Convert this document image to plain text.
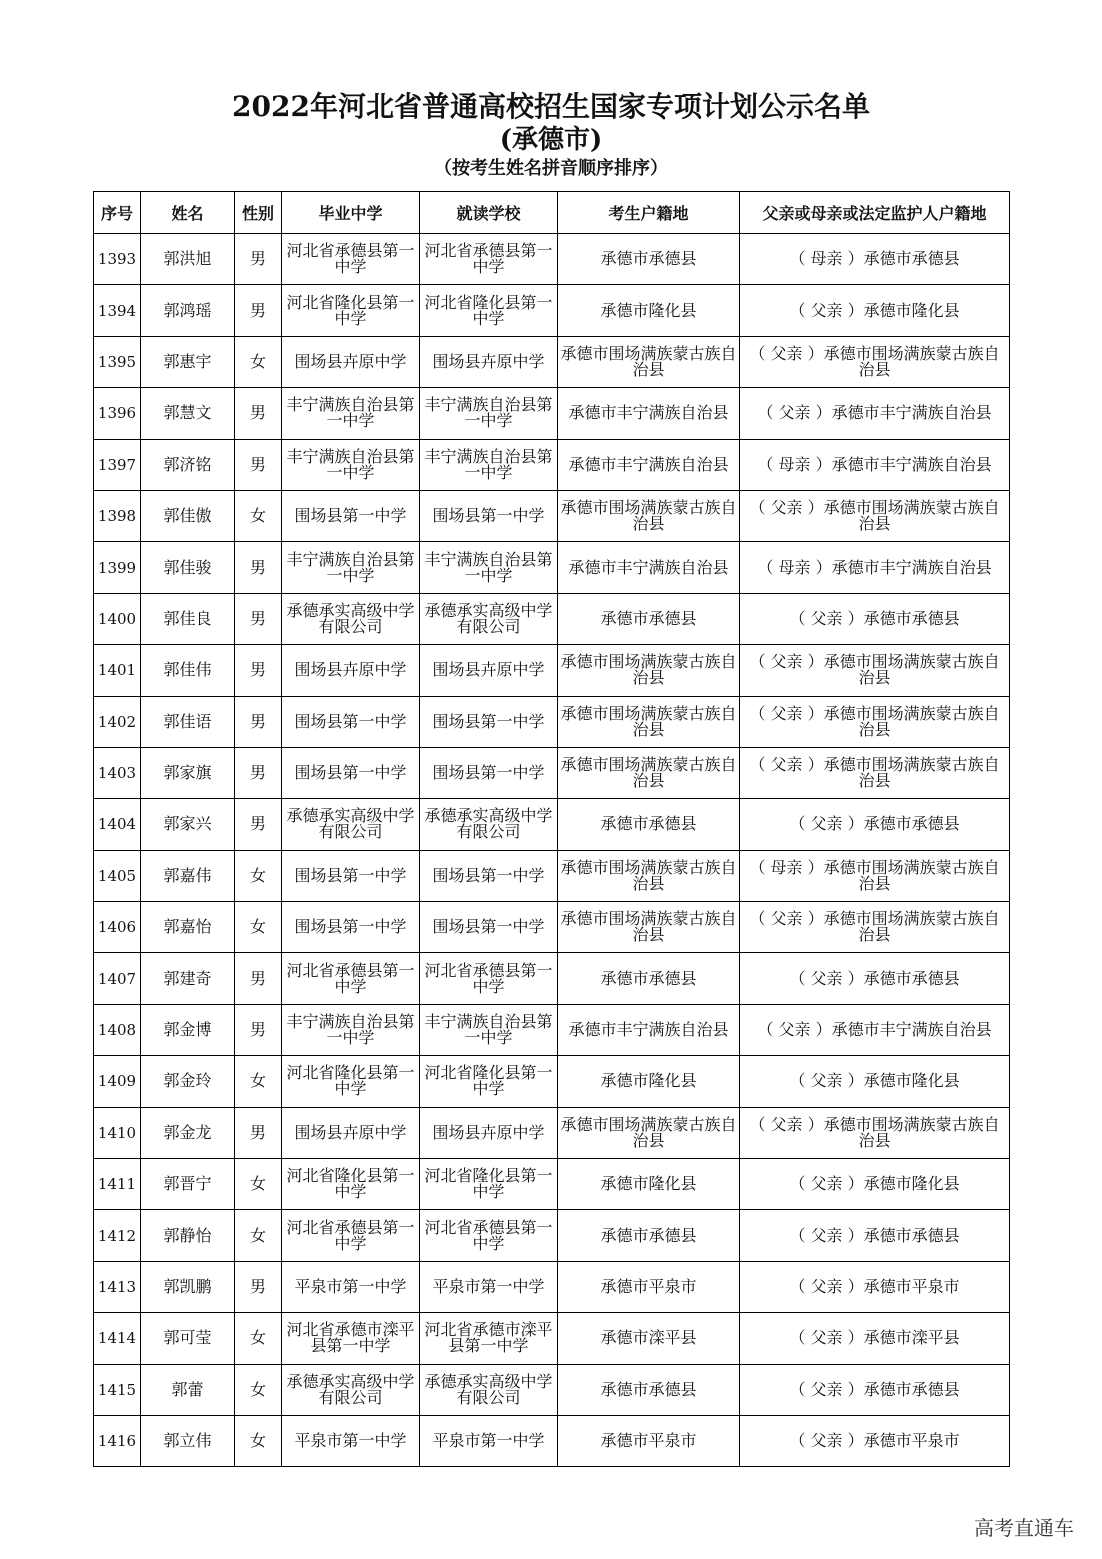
2022年河北省普通高校招生国家专项计划公示名单
(承德市)
（按考生姓名拼音顺序排序）
序号	姓名	性别	毕业中学	就读学校	考生户籍地	父亲或母亲或法定监护人户籍地
1393	郭洪旭	男	河北省承德县第一中学	河北省承德县第一中学	承德市承德县	（ 母亲 ）承德市承德县
1394	郭鸿瑶	男	河北省隆化县第一中学	河北省隆化县第一中学	承德市隆化县	（ 父亲 ）承德市隆化县
1395	郭惠宇	女	围场县卉原中学	围场县卉原中学	承德市围场满族蒙古族自治县	（ 父亲 ）承德市围场满族蒙古族自治县
1396	郭慧文	男	丰宁满族自治县第一中学	丰宁满族自治县第一中学	承德市丰宁满族自治县	（ 父亲 ）承德市丰宁满族自治县
1397	郭济铭	男	丰宁满族自治县第一中学	丰宁满族自治县第一中学	承德市丰宁满族自治县	（ 母亲 ）承德市丰宁满族自治县
1398	郭佳傲	女	围场县第一中学	围场县第一中学	承德市围场满族蒙古族自治县	（ 父亲 ）承德市围场满族蒙古族自治县
1399	郭佳骏	男	丰宁满族自治县第一中学	丰宁满族自治县第一中学	承德市丰宁满族自治县	（ 母亲 ）承德市丰宁满族自治县
1400	郭佳良	男	承德承实高级中学有限公司	承德承实高级中学有限公司	承德市承德县	（ 父亲 ）承德市承德县
1401	郭佳伟	男	围场县卉原中学	围场县卉原中学	承德市围场满族蒙古族自治县	（ 父亲 ）承德市围场满族蒙古族自治县
1402	郭佳语	男	围场县第一中学	围场县第一中学	承德市围场满族蒙古族自治县	（ 父亲 ）承德市围场满族蒙古族自治县
1403	郭家旗	男	围场县第一中学	围场县第一中学	承德市围场满族蒙古族自治县	（ 父亲 ）承德市围场满族蒙古族自治县
1404	郭家兴	男	承德承实高级中学有限公司	承德承实高级中学有限公司	承德市承德县	（ 父亲 ）承德市承德县
1405	郭嘉伟	女	围场县第一中学	围场县第一中学	承德市围场满族蒙古族自治县	（ 母亲 ）承德市围场满族蒙古族自治县
1406	郭嘉怡	女	围场县第一中学	围场县第一中学	承德市围场满族蒙古族自治县	（ 父亲 ）承德市围场满族蒙古族自治县
1407	郭建奇	男	河北省承德县第一中学	河北省承德县第一中学	承德市承德县	（ 父亲 ）承德市承德县
1408	郭金博	男	丰宁满族自治县第一中学	丰宁满族自治县第一中学	承德市丰宁满族自治县	（ 父亲 ）承德市丰宁满族自治县
1409	郭金玲	女	河北省隆化县第一中学	河北省隆化县第一中学	承德市隆化县	（ 父亲 ）承德市隆化县
1410	郭金龙	男	围场县卉原中学	围场县卉原中学	承德市围场满族蒙古族自治县	（ 父亲 ）承德市围场满族蒙古族自治县
1411	郭晋宁	女	河北省隆化县第一中学	河北省隆化县第一中学	承德市隆化县	（ 父亲 ）承德市隆化县
1412	郭静怡	女	河北省承德县第一中学	河北省承德县第一中学	承德市承德县	（ 父亲 ）承德市承德县
1413	郭凯鹏	男	平泉市第一中学	平泉市第一中学	承德市平泉市	（ 父亲 ）承德市平泉市
1414	郭可莹	女	河北省承德市滦平县第一中学	河北省承德市滦平县第一中学	承德市滦平县	（ 父亲 ）承德市滦平县
1415	郭蕾	女	承德承实高级中学有限公司	承德承实高级中学有限公司	承德市承德县	（ 父亲 ）承德市承德县
1416	郭立伟	女	平泉市第一中学	平泉市第一中学	承德市平泉市	（ 父亲 ）承德市平泉市
高考直通车
